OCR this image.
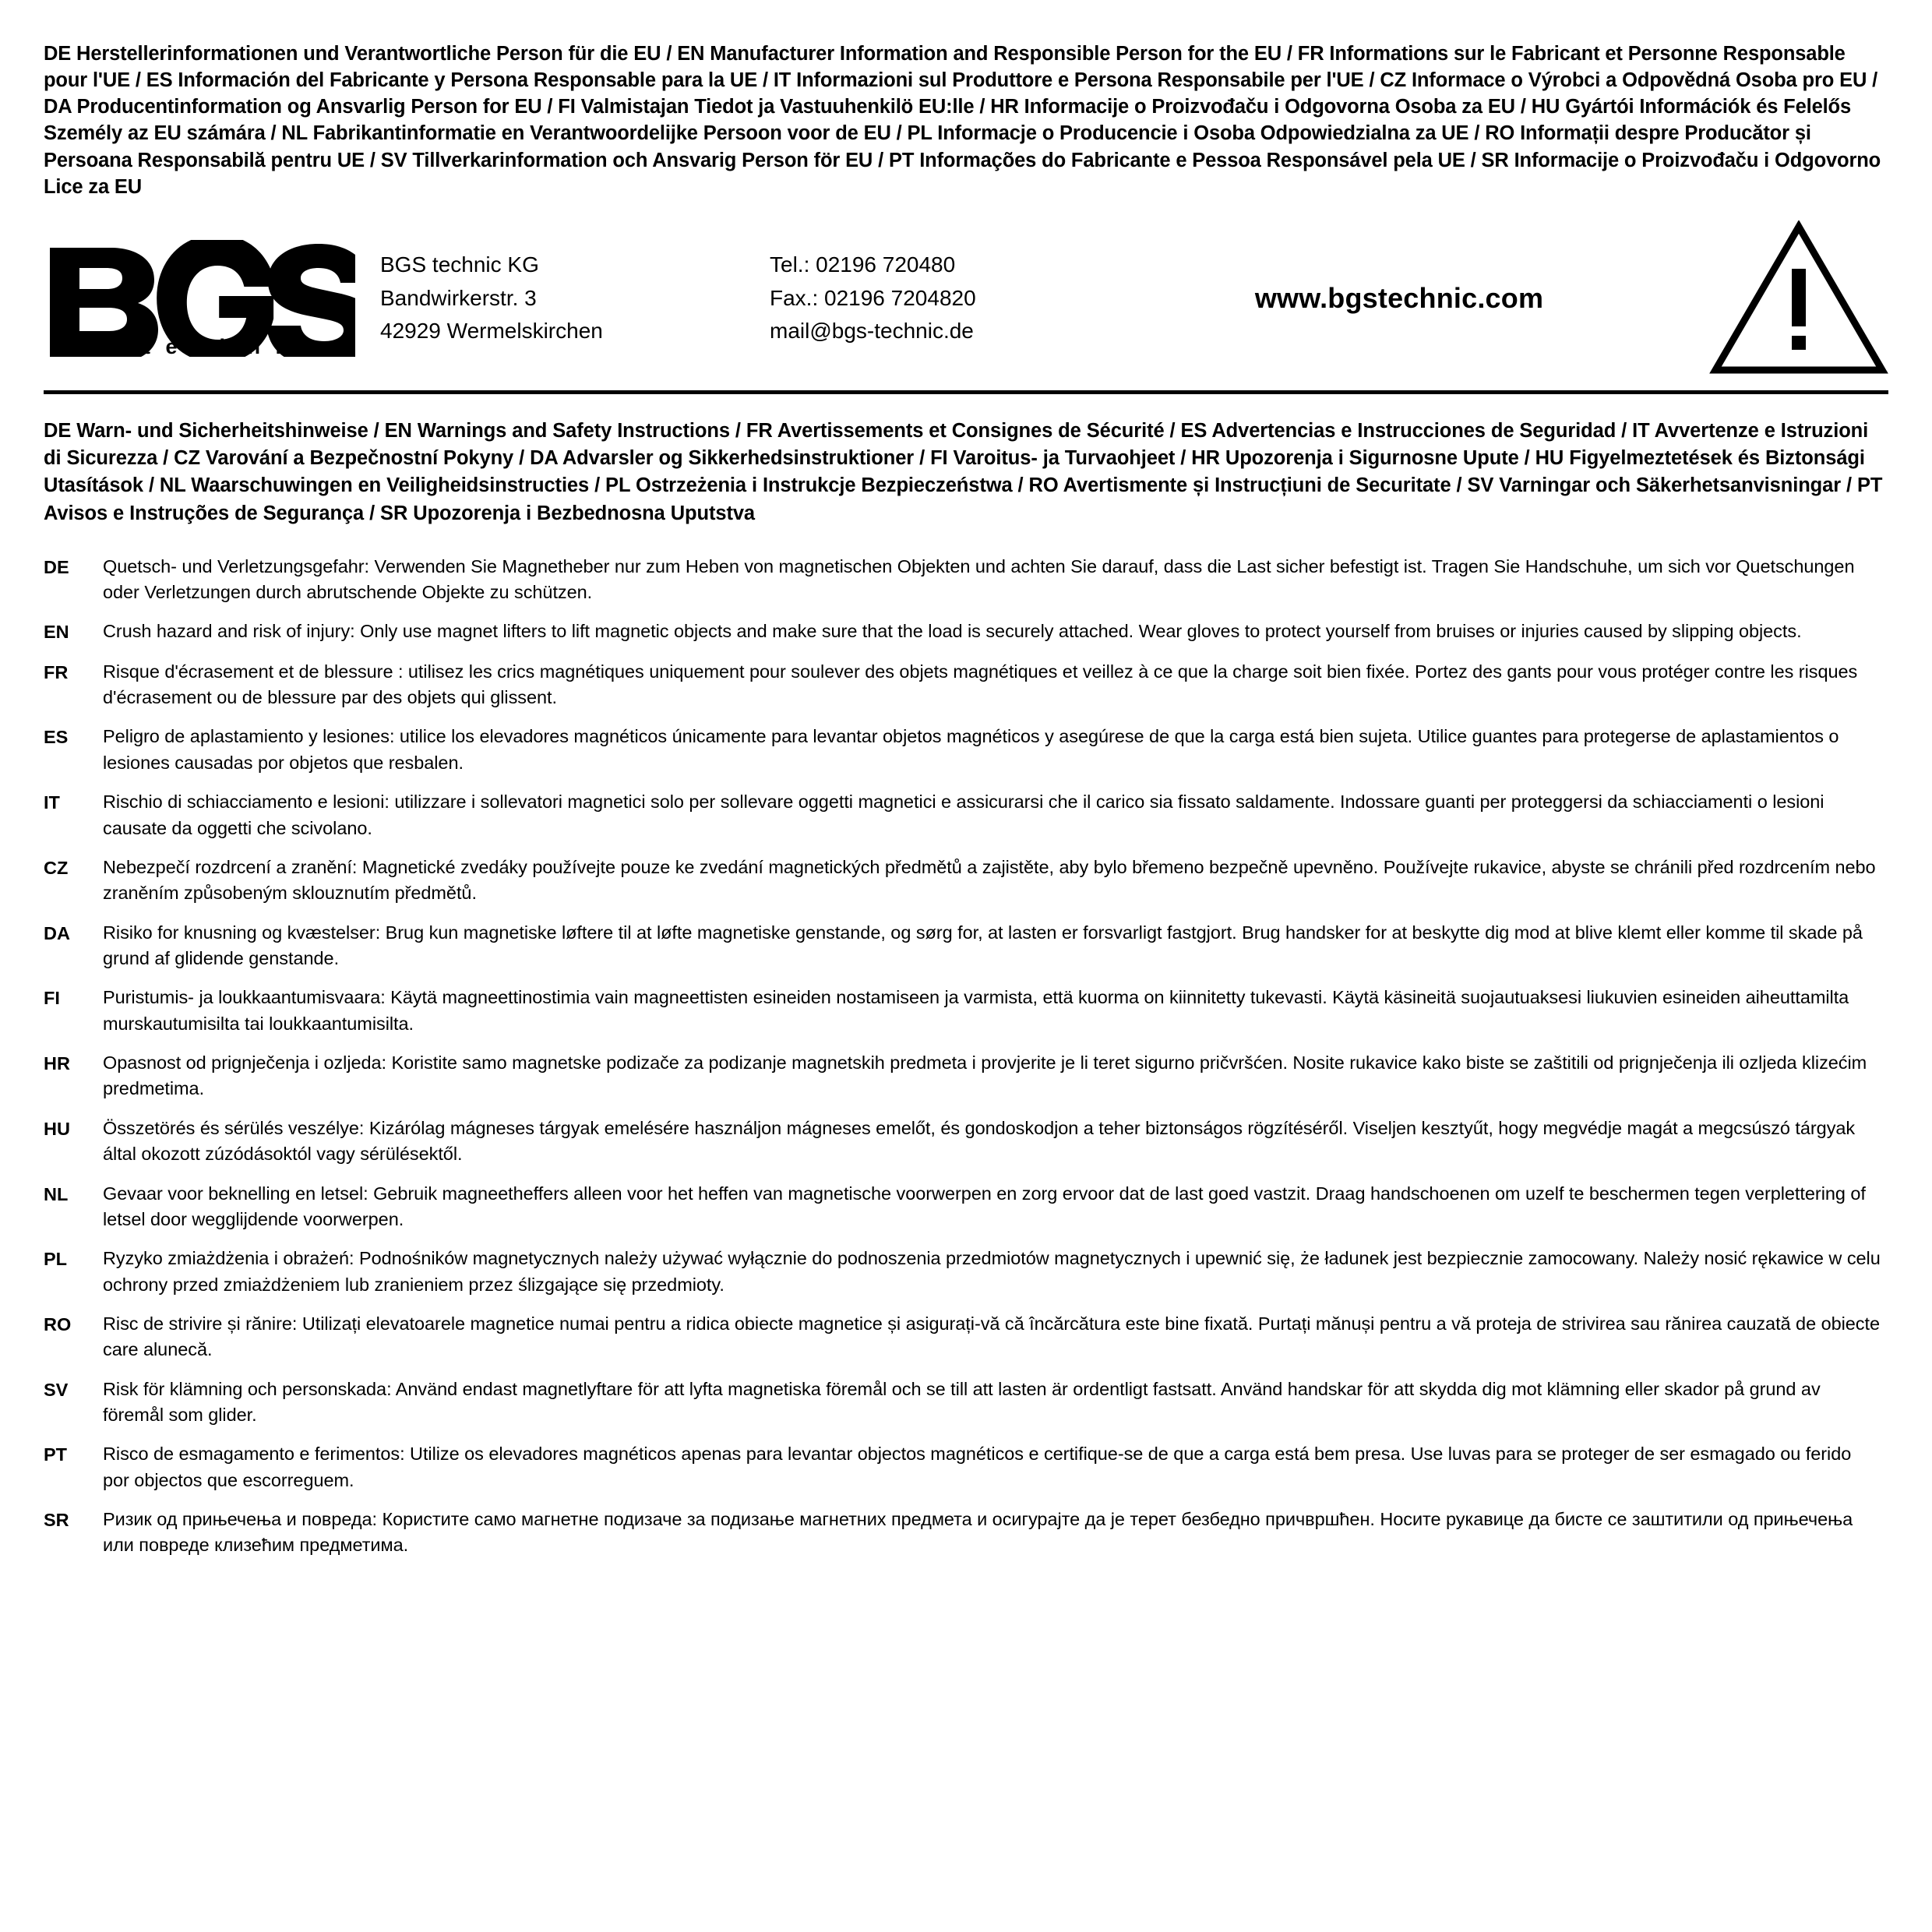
DE Herstellerinformationen und Verantwortliche Person für die EU / EN Manufacturer Information and Responsible Person for the EU / FR Informations sur le Fabricant et Personne Responsable pour l'UE / ES Información del Fabricante y Persona Responsable para la UE / IT Informazioni sul Produttore e Persona Responsabile per l'UE / CZ Informace o Výrobci a Odpovědná Osoba pro EU / DA Producentinformation og Ansvarlig Person for EU / FI Valmistajan Tiedot ja Vastuuhenkilö EU:lle / HR Informacije o Proizvođaču i Odgovorna Osoba za EU / HU Gyártói Információk és Felelős Személy az EU számára / NL Fabrikantinformatie en Verantwoordelijke Persoon voor de EU / PL Informacje o Producencie i Osoba Odpowiedzialna za UE / RO Informații despre Producător și Persoana Responsabilă pentru UE / SV Tillverkarinformation och Ansvarig Person för EU / PT Informações do Fabricante e Pessoa Responsável pela UE / SR Informacije o Proizvođaču i Odgovorno Lice za EU
®
t e c h n i c
BGS technic KG
Bandwirkerstr. 3
42929 Wermelskirchen
Tel.: 02196 720480
Fax.: 02196 7204820
mail@bgs-technic.de
www.bgstechnic.com
DE Warn- und Sicherheitshinweise / EN Warnings and Safety Instructions / FR Avertissements et Consignes de Sécurité / ES Advertencias e Instrucciones de Seguridad / IT Avvertenze e Istruzioni di Sicurezza / CZ Varování a Bezpečnostní Pokyny / DA Advarsler og Sikkerhedsinstruktioner / FI Varoitus- ja Turvaohjeet / HR Upozorenja i Sigurnosne Upute / HU Figyelmeztetések és Biztonsági Utasítások / NL Waarschuwingen en Veiligheidsinstructies / PL Ostrzeżenia i Instrukcje Bezpieczeństwa / RO Avertismente și Instrucțiuni de Securitate / SV Varningar och Säkerhetsanvisningar / PT Avisos e Instruções de Segurança / SR Upozorenja i Bezbednosna Uputstva
DE	Quetsch- und Verletzungsgefahr: Verwenden Sie Magnetheber nur zum Heben von magnetischen Objekten und achten Sie darauf, dass die Last sicher befestigt ist. Tragen Sie Handschuhe, um sich vor Quetschungen oder Verletzungen durch abrutschende Objekte zu schützen.
EN	Crush hazard and risk of injury: Only use magnet lifters to lift magnetic objects and make sure that the load is securely attached. Wear gloves to protect yourself from bruises or injuries caused by slipping objects.
FR	Risque d'écrasement et de blessure : utilisez les crics magnétiques uniquement pour soulever des objets magnétiques et veillez à ce que la charge soit bien fixée. Portez des gants pour vous protéger contre les risques d'écrasement ou de blessure par des objets qui glissent.
ES	Peligro de aplastamiento y lesiones: utilice los elevadores magnéticos únicamente para levantar objetos magnéticos y asegúrese de que la carga está bien sujeta. Utilice guantes para protegerse de aplastamientos o lesiones causadas por objetos que resbalen.
IT	Rischio di schiacciamento e lesioni: utilizzare i sollevatori magnetici solo per sollevare oggetti magnetici e assicurarsi che il carico sia fissato saldamente. Indossare guanti per proteggersi da schiacciamenti o lesioni causate da oggetti che scivolano.
CZ	Nebezpečí rozdrcení a zranění: Magnetické zvedáky používejte pouze ke zvedání magnetických předmětů a zajistěte, aby bylo břemeno bezpečně upevněno. Používejte rukavice, abyste se chránili před rozdrcením nebo zraněním způsobeným sklouznutím předmětů.
DA	Risiko for knusning og kvæstelser: Brug kun magnetiske løftere til at løfte magnetiske genstande, og sørg for, at lasten er forsvarligt fastgjort. Brug handsker for at beskytte dig mod at blive klemt eller komme til skade på grund af glidende genstande.
FI	Puristumis- ja loukkaantumisvaara: Käytä magneettinostimia vain magneettisten esineiden nostamiseen ja varmista, että kuorma on kiinnitetty tukevasti. Käytä käsineitä suojautuaksesi liukuvien esineiden aiheuttamilta murskautumisilta tai loukkaantumisilta.
HR	Opasnost od prignječenja i ozljeda: Koristite samo magnetske podizače za podizanje magnetskih predmeta i provjerite je li teret sigurno pričvršćen. Nosite rukavice kako biste se zaštitili od prignječenja ili ozljeda klizećim predmetima.
HU	Összetörés és sérülés veszélye: Kizárólag mágneses tárgyak emelésére használjon mágneses emelőt, és gondoskodjon a teher biztonságos rögzítéséről. Viseljen kesztyűt, hogy megvédje magát a megcsúszó tárgyak által okozott zúzódásoktól vagy sérülésektől.
NL	Gevaar voor beknelling en letsel: Gebruik magneetheffers alleen voor het heffen van magnetische voorwerpen en zorg ervoor dat de last goed vastzit. Draag handschoenen om uzelf te beschermen tegen verplettering of letsel door wegglijdende voorwerpen.
PL	Ryzyko zmiażdżenia i obrażeń: Podnośników magnetycznych należy używać wyłącznie do podnoszenia przedmiotów magnetycznych i upewnić się, że ładunek jest bezpiecznie zamocowany. Należy nosić rękawice w celu ochrony przed zmiażdżeniem lub zranieniem przez ślizgające się przedmioty.
RO	Risc de strivire și rănire: Utilizați elevatoarele magnetice numai pentru a ridica obiecte magnetice și asigurați-vă că încărcătura este bine fixată. Purtați mănuși pentru a vă proteja de strivirea sau rănirea cauzată de obiecte care alunecă.
SV	Risk för klämning och personskada: Använd endast magnetlyftare för att lyfta magnetiska föremål och se till att lasten är ordentligt fastsatt. Använd handskar för att skydda dig mot klämning eller skador på grund av föremål som glider.
PT	Risco de esmagamento e ferimentos: Utilize os elevadores magnéticos apenas para levantar objectos magnéticos e certifique-se de que a carga está bem presa. Use luvas para se proteger de ser esmagado ou ferido por objectos que escorreguem.
SR	Ризик од прињечења и повреда: Користите само магнетне подизаче за подизање магнетних предмета и осигурајте да је терет безбедно причвршћен. Носите рукавице да бисте се заштитили од прињечења или повреде клизећим предметима.
